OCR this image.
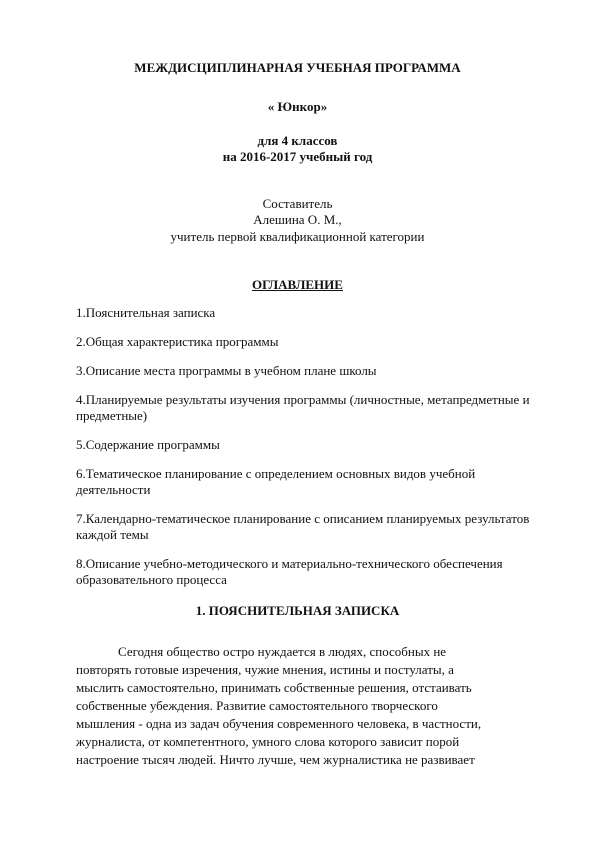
МЕЖДИСЦИПЛИНАРНАЯ УЧЕБНАЯ ПРОГРАММА
« Юнкор»
для 4 классов
на 2016-2017 учебный год
Составитель
Алешина О. М.,
учитель первой квалификационной категории
ОГЛАВЛЕНИЕ
1.Пояснительная записка
2.Общая характеристика программы
3.Описание места программы в учебном плане школы
4.Планируемые результаты изучения программы (личностные, метапредметные и предметные)
5.Содержание программы
6.Тематическое планирование с определением основных видов учебной деятельности
7.Календарно-тематическое планирование с описанием планируемых результатов каждой темы
8.Описание учебно-методического и материально-технического обеспечения образовательного процесса
1. ПОЯСНИТЕЛЬНАЯ ЗАПИСКА
Сегодня общество остро нуждается в людях, способных не
повторять готовые изречения, чужие мнения, истины и постулаты, а
мыслить самостоятельно, принимать собственные решения, отстаивать
собственные убеждения. Развитие самостоятельного творческого
мышления - одна из задач обучения современного человека, в частности,
журналиста, от компетентного, умного слова которого зависит порой
настроение тысяч людей. Ничто лучше, чем журналистика не развивает
